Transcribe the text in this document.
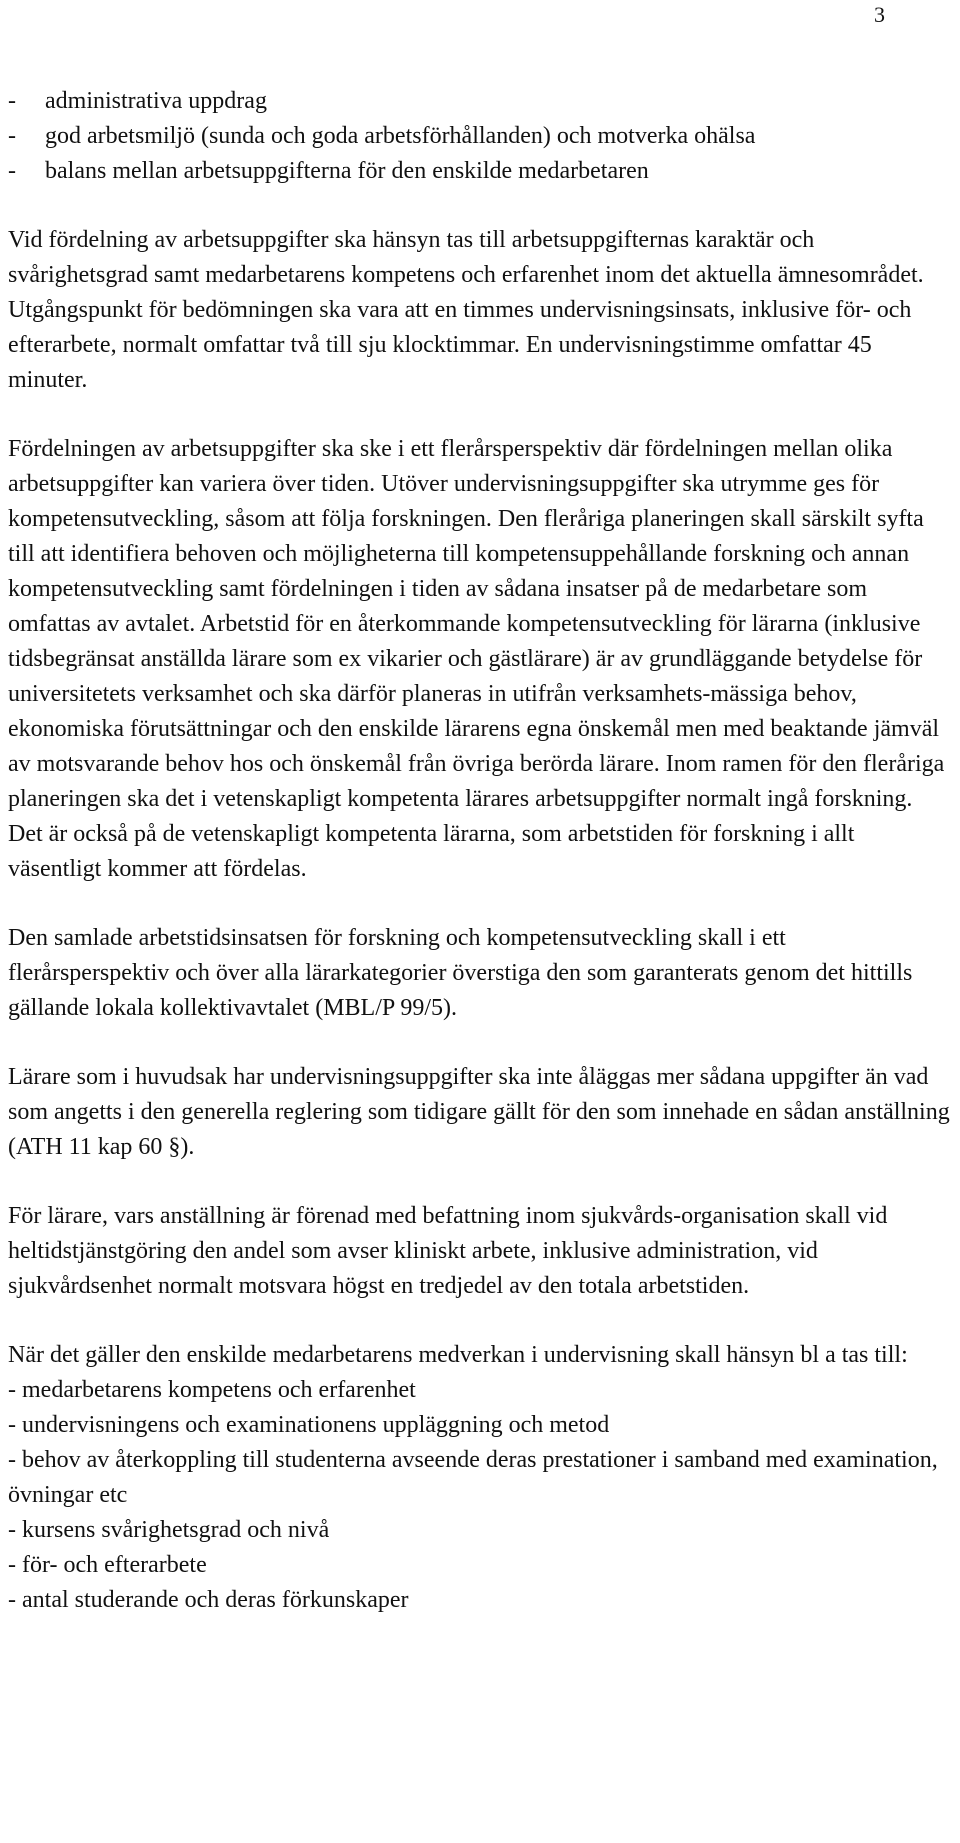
3
- administrativa uppdrag
- god arbetsmiljö (sunda och goda arbetsförhållanden) och motverka ohälsa
- balans mellan arbetsuppgifterna för den enskilde medarbetaren

Vid fördelning av arbetsuppgifter ska hänsyn tas till arbetsuppgifternas karaktär och svårighetsgrad samt medarbetarens kompetens och erfarenhet inom det aktuella ämnesområdet. Utgångspunkt för bedömningen ska vara att en timmes undervisningsinsats, inklusive för- och efterarbete, normalt omfattar två till sju klocktimmar. En undervisningstimme omfattar 45 minuter.

Fördelningen av arbetsuppgifter ska ske i ett flerårsperspektiv där fördelningen mellan olika arbetsuppgifter kan variera över tiden. Utöver undervisningsuppgifter ska utrymme ges för kompetensutveckling, såsom att följa forskningen. Den fleråriga planeringen skall särskilt syfta till att identifiera behoven och möjligheterna till kompetensuppehållande forskning och annan kompetensutveckling samt fördelningen i tiden av sådana insatser på de medarbetare som omfattas av avtalet. Arbetstid för en återkommande kompetensutveckling för lärarna (inklusive tidsbegränsat anställda lärare som ex vikarier och gästlärare) är av grundläggande betydelse för universitetets verksamhet och ska därför planeras in utifrån verksamhets-mässiga behov, ekonomiska förutsättningar och den enskilde lärarens egna önskemål men med beaktande jämväl av motsvarande behov hos och önskemål från övriga berörda lärare. Inom ramen för den fleråriga planeringen ska det i vetenskapligt kompetenta lärares arbetsuppgifter normalt ingå forskning. Det är också på de vetenskapligt kompetenta lärarna, som arbetstiden för forskning i allt väsentligt kommer att fördelas.

Den samlade arbetstidsinsatsen för forskning och kompetensutveckling skall i ett flerårsperspektiv och över alla lärarkategorier överstiga den som garanterats genom det hittills gällande lokala kollektivavtalet (MBL/P 99/5).

Lärare som i huvudsak har undervisningsuppgifter ska inte åläggas mer sådana uppgifter än vad som angetts i den generella reglering som tidigare gällt för den som innehade en sådan anställning (ATH 11 kap 60 §).

För lärare, vars anställning är förenad med befattning inom sjukvårds-organisation skall vid heltidstjänstgöring den andel som avser kliniskt arbete, inklusive administration, vid sjukvårdsenhet normalt motsvara högst en tredjedel av den totala arbetstiden.

När det gäller den enskilde medarbetarens medverkan i undervisning skall hänsyn bl a tas till:

- medarbetarens kompetens och erfarenhet
- undervisningens och examinationens uppläggning och metod
- behov av återkoppling till studenterna avseende deras prestationer i samband med examination, övningar etc
- kursens svårighetsgrad och nivå
- för- och efterarbete
- antal studerande och deras förkunskaper
